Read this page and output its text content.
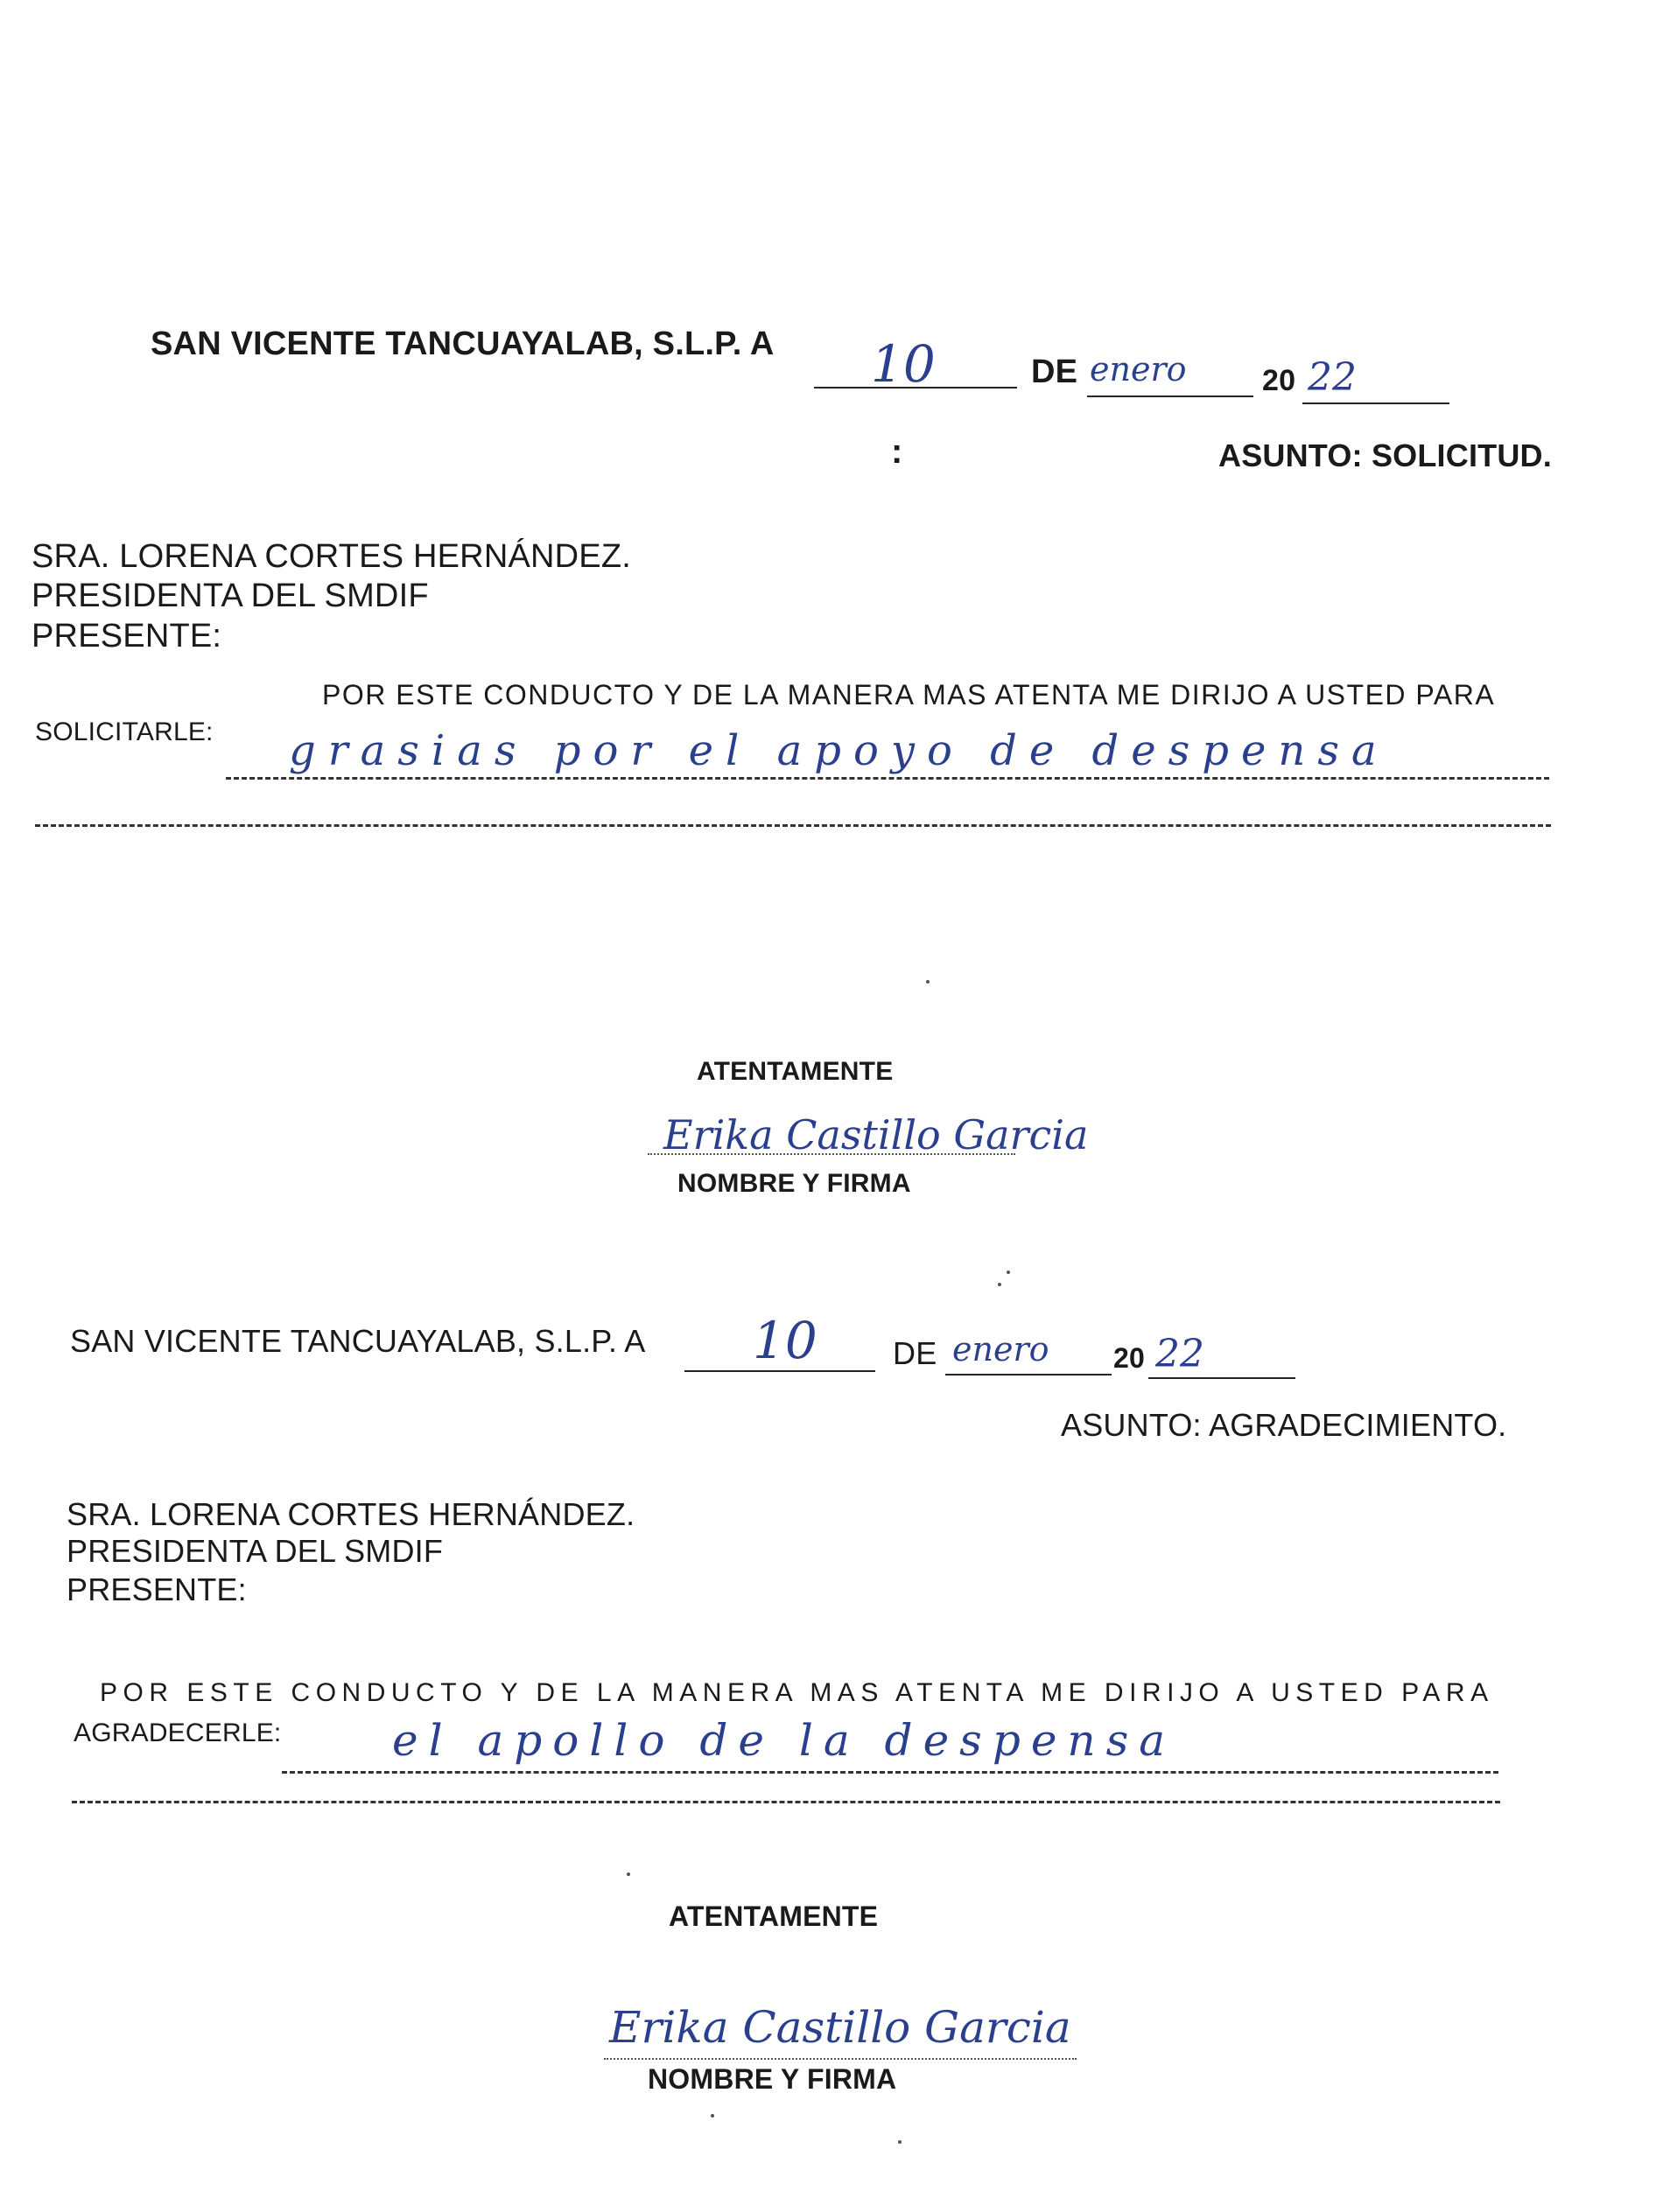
SAN VICENTE TANCUAYALAB, S.L.P. A 10	DE enero	20 22
:	ASUNTO: SOLICITUD.
SRA. LORENA CORTES HERNÁNDEZ.
PRESIDENTA DEL SMDIF
PRESENTE:
POR ESTE CONDUCTO Y DE LA MANERA MAS ATENTA ME DIRIJO A USTED PARA
SOLICITARLE: grasias por el apoyo de despensa
ATENTAMENTE
Erika Castillo Garcia
NOMBRE Y FIRMA
SAN VICENTE TANCUAYALAB, S.L.P. A 10 DE enero 20 22
ASUNTO: AGRADECIMIENTO.
SRA. LORENA CORTES HERNÁNDEZ.
PRESIDENTA DEL SMDIF
PRESENTE:
POR ESTE CONDUCTO Y DE LA MANERA MAS ATENTA ME DIRIJO A USTED PARA
AGRADECERLE:	el apollo de la despensa
ATENTAMENTE
Erika Castillo Garcia
NOMBRE Y FIRMA
